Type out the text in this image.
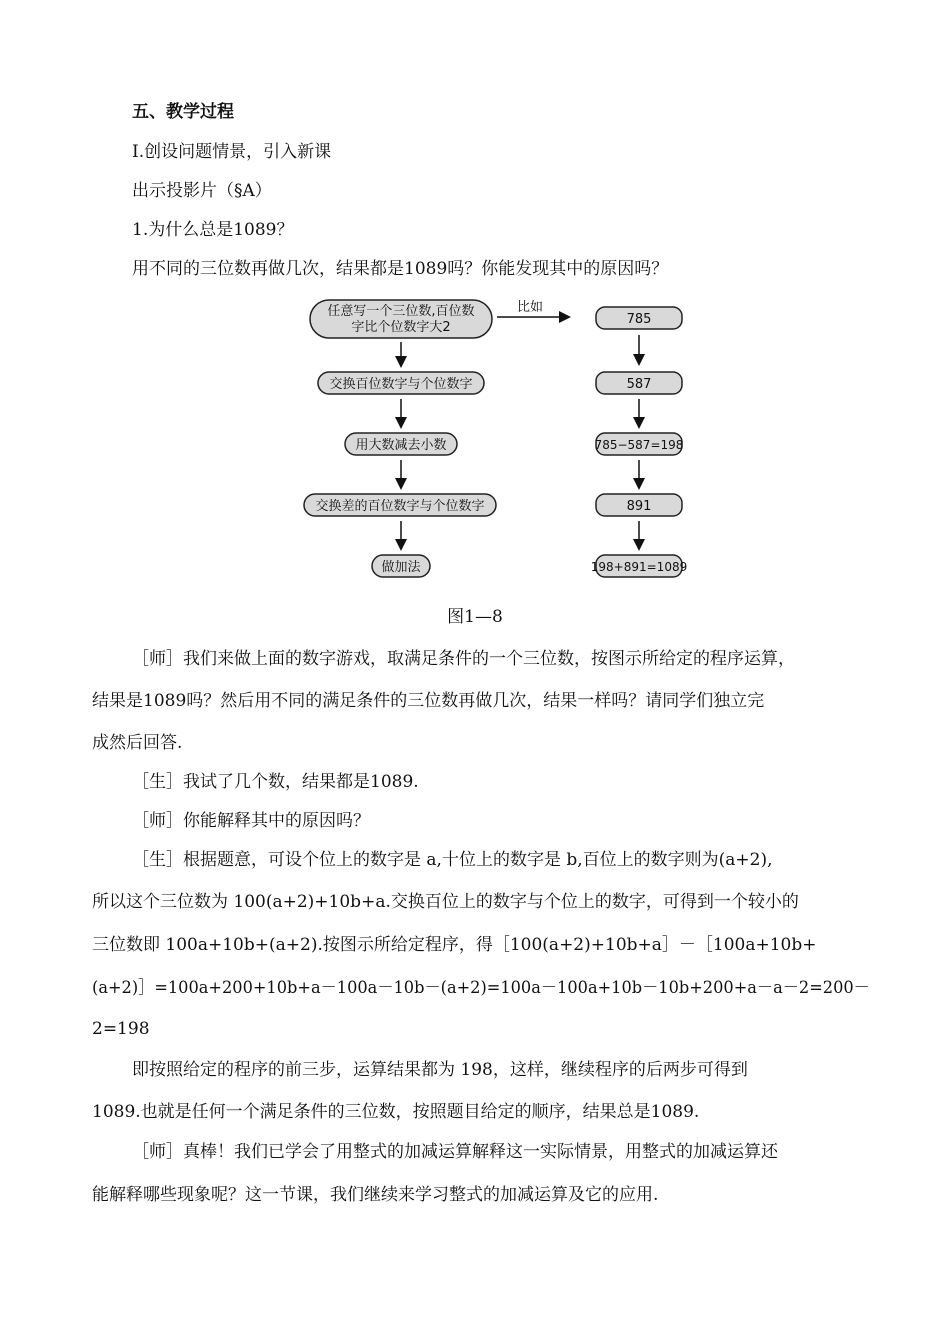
五、教学过程
Ⅰ.创设问题情景，引入新课
出示投影片（§A）
1.为什么总是1089？
用不同的三位数再做几次，结果都是1089吗？你能发现其中的原因吗？
任意写一个三位数,百位数
字比个位数字大2
交换百位数字与个位数字
用大数减去小数
交换差的百位数字与个位数字
做加法
比如
785
587
785−587=198
891
198+891=1089
图1—8
［师］我们来做上面的数字游戏，取满足条件的一个三位数，按图示所给定的程序运算，
结果是1089吗？然后用不同的满足条件的三位数再做几次，结果一样吗？请同学们独立完
成然后回答.
［生］我试了几个数，结果都是1089.
［师］你能解释其中的原因吗？
［生］根据题意，可设个位上的数字是 a,十位上的数字是 b,百位上的数字则为(a+2),
所以这个三位数为 100(a+2)+10b+a.交换百位上的数字与个位上的数字，可得到一个较小的
三位数即 100a+10b+(a+2).按图示所给定程序，得［100(a+2)+10b+a］－［100a+10b+
(a+2)］=100a+200+10b+a－100a－10b－(a+2)=100a－100a+10b－10b+200+a－a－2=200－
2=198
即按照给定的程序的前三步，运算结果都为 198，这样，继续程序的后两步可得到
1089.也就是任何一个满足条件的三位数，按照题目给定的顺序，结果总是1089.
［师］真棒！我们已学会了用整式的加减运算解释这一实际情景，用整式的加减运算还
能解释哪些现象呢？这一节课，我们继续来学习整式的加减运算及它的应用.
